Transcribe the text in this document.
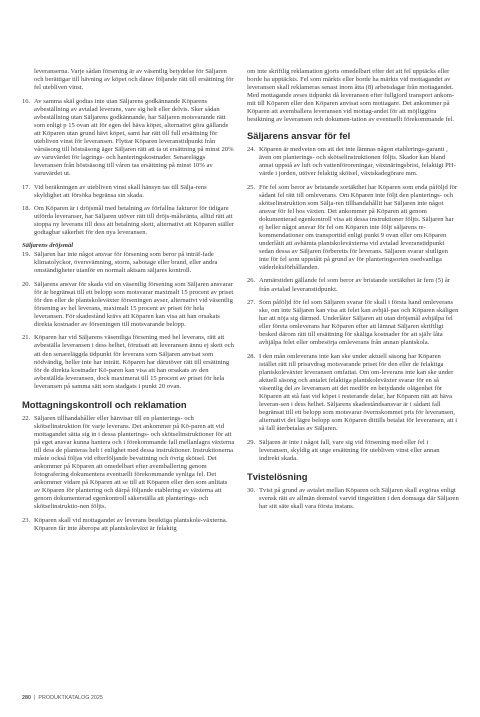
leveranserna. Varje sådan försening är av väsentlig betydelse för Säljaren och berättigar till hävning av köpet och därav följande rätt till ersättning för fel utebliven vinst.

16. Av samma skäl godtas inte utan Säljarens godkännande Köparens avbeställning av avtalad leverans, vare sig helt eller delvis. Sker sådan avbeställning utan Säljarens godkännande, har Säljaren motsvarande rätt som enligt p 15 ovan att för egen del häva köpet, alternativt göra gällande att Köparen utan grund hävt köpet, samt har rätt till full ersättning för utebliven vinst för leveransen. Flyttar Köparen leveranstidpunkt från vårsäsong till höstsäsong äger Säljaren rätt att ta ut ersättning på minst 20% av varuvärdet för lagrings- och hanteringskostnader. Senareläggs leveransen från höstsäsong till våren tas ersättning på minst 10% av varuvärdet ut.

17. Vid beräkningen av utebliven vinst skall hänsyn tas till Sälja-rens skyldighet att försöka begränsa sin skada.

18. Om Köparen är i dröjsmål med betalning av förfallna fakturor för tidigare utförda leveranser, har Säljaren utöver rätt till dröjs-målsränta, alltid rätt att stoppa ny leverans till dess att betalning skett, alternativt att Köparen ställer godtagbar säkerhet för den nya leveransen.

Säljarens dröjsmål
19. Säljaren har inte något ansvar för försening som beror på inträf-fade klimatolyckor, översvämning, storm, sabotage eller brand, eller andra omständigheter utanför en normalt aktsam säljares kontroll.

20. Säljarens ansvar för skada vid en väsentlig försening som Säljaren ansvarar för är begränsat till ett belopp som motsvarar maximalt 15 procent av priset för den eller de plantskoleväxter förseningen avser, alternativt vid väsentlig försening av hel leverans, maximalt 15 procent av priset för hela leveransen. För skadestånd krävs att Köparen kan visa att han orsakats direkta kostnader av förseningen till motsvarande belopp.

21. Köparen har vid Säljarens väsentliga försening med hel leverans, rätt att avbeställa leveransen i dess helhet, förutsatt att leveransen ännu ej skett och att den senareläggda tidpunkt för leverans som Säljaren anvisat som nödvändig, heller inte har inträtt. Köparen har därutöver rätt till ersättning för de direkta kostnader Kö-paren kan visa att han orsakats av den avbeställda leveransen, dock maximerat till 15 procent av priset för hela leveransen på samma sätt som stadgats i punkt 20 ovan.

Mottagningskontroll och reklamation
22. Säljaren tillhandahåller eller hänvisar till en planterings- och skötselinstruktion för varje leverans. Det ankommer på Kö-paren att vid mottagandet sätta sig in i dessa planterings- och skötselinstruktioner för att på eget ansvar kunna hantera och i förekommande fall mellanlagra växterna till dess de planteras helt i enlighet med dessa instruktioner. Instruktionerna måste också följas vid efterföljande bevattning och övrig skötsel. Det ankommer på Köparen att omedelbart efter avemballering genom fotografering dokumentera eventuellt förekommande synliga fel. Det ankommer vidare på Köparen att se till att Köparen eller den som anlitats av Köparen för plantering och därpå följande etablering av växterna att genom dokumenterad egenkontroll säkerställa att planterings- och skötselinstruktio-nen följts.

23. Köparen skall vid mottagandet av leverans besiktiga plantskole-växterna. Köparen får inte åberopa att plantskoleväxt är felaktig

om inte skriftlig reklamation gjorts omedelbart efter det att fel upptäcks eller borde ha upptäckts. Fel som märkts eller borde ha märkts vid mottagandet av leveransen skall reklameras senast inom åtta (8) arbetsdagar från mottagandet. Med mottagande avses tidpunkt då leveransen efter fullgjord transport ankom-mit till Köparen eller den Köparen anvisat som mottagare. Det ankommer på Köparen att avemballera leveransen vid mottag-andet för att möjliggöra besiktning av leveransen och dokumen-tation av eventuellt förekommande fel.

Säljarens ansvar för fel
24. Köparen är medveten om att det inte lämnas någon etablerings-garanti , även om planterings- och skötselinstruktionen följts. Skador kan bland annat uppstå av luft och vattenföroreningar, växtnäringsbrist, felaktigt PH-värde i jorden, utöver felaktig skötsel, växtskadegörare mm.

25. För fel som beror av bristande sortäkthet har Köparen som enda påföljd för sådant fel rätt till omleverans. Om Köparen inte följt den planterings- och skötselinstruktion som Sälja-ren tillhandahållit har Säljaren inte något ansvar för fel hos växten. Det ankommer på Köparen att genom dokumenterad egenkontroll visa att dessa instruktioner följts. Säljaren har ej heller något ansvar för fel om Köparen inte följt säljarens re-kommendationer om transporttid enligt punkt 9 ovan eller om Köparen underlåtit att avhämta plantskoleväxterna vid avtalad leveranstidpunkt sedan dessa av Säljaren förberetts för leverans. Säljaren svarar slutligen inte för fel som uppstått på grund av för planteringsorten osedvanliga väderleksförhållanden.

26. Anmärstiden gällande fel som beror av bristande sortäkthet är fem (5) år från avtalad leveranstidpunkt.

27. Som påföljd för fel som Säljaren svarar för skall i första hand omleverans ske, om inte Säljaren kan visa att felet kan avhjäl-pas och Köparen skäligen har att nöja sig därmed. Underlåter Säljaren att utan dröjsmål avhjälpa fel eller företa omleverans har Köparen efter att lämnat Säljaren skriftligt besked därom rätt till ersättning för skäliga kostnader för att själv låta avhjälpa felet eller ombesörja omleverans från annan plantskola.

28. I den mån omleverans inte kan ske under aktuell säsong har Köparen istället rätt till prisavdrag motsvarande priset för den eller de felaktiga plantskoleväxter leveransen omfattat. Om om-leverans inte kan ske under aktuell säsong och antalet felaktiga plantskoleväxter svarar för en så väsentlig del av leveransen att det medför en betydande olägenhet för Köparen att stå fast vid köpet i resterande delar, har Köparen rätt att häva leveran-sen i dess helhet. Säljarens skadeståndsansvar är i sådant fall begränsat till ett belopp som motsvarar övernskommet pris för leveransen, alternativt det lägre belopp som Köparen dittills betalat för leveransen, att i så fall återbetalas av Säljaren.

29. Säljaren är inte i något fall, vare sig vid försening med eller fel i leveransen, skyldig att utge ersättning för utebliven vinst eller annan indirekt skada.

Tvistelösning
30. Tvist på grund av avtalet mellan Köparen och Säljaren skall avgöras enligt svensk rätt av allmän domstol varvid tingsrätten i den domsaga där Säljaren har sitt säte skall vara första instans.

280 | PRODUKTKATALOG 2025
